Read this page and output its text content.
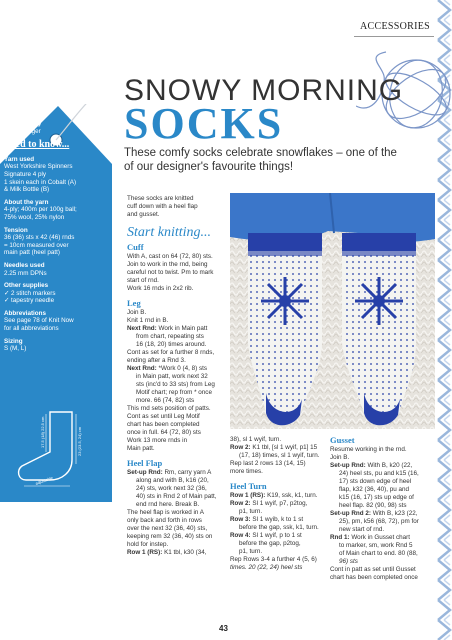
ACCESSORIES
SNOWY MORNING
SOCKS
These comfy socks celebrate snowflakes – one of the of our designer's favourite things!
Designed by
Mone Dräger
Need to know...
Yarn used
West Yorkshire Spinners
Signature 4 ply
1 skein each in Cobalt (A)
& Milk Bottle (B)
About the yarn
4-ply; 400m per 100g ball;
75% wool, 25% nylon
Tension
36 (36) sts x 42 (46) rnds
= 10cm measured over
main patt (heel patt)
Needles used
2.25 mm DPNs
Other supplies
✓ 2 stitch markers
✓ tapestry needle
Abbreviations
See page 78 of Knit Now
for all abbreviations
Sizing
S (M, L)
17.5 (18) 22.5 cm	23 (23.5, 24) cm
adjustable
These socks are knitted
cuff down with a heel flap
and gusset.
Start knitting...
Cuff
With A, cast on 64 (72, 80) sts.
Join to work in the rnd, being
careful not to twist. Pm to mark
start of rnd.
Work 16 rnds in 2x2 rib.
Leg
Join B.
Knit 1 rnd in B.
Next Rnd: Work in Main patt
from chart, repeating sts
16 (18, 20) times around.
Cont as set for a further 8 rnds,
ending after a Rnd 3.
Next Rnd: *Work 0 (4, 8) sts
in Main patt, work next 32
sts (inc'd to 33 sts) from Leg
Motif chart; rep from * once
more. 66 (74, 82) sts
This rnd sets position of patts.
Cont as set until Leg Motif
chart has been completed
once in full. 64 (72, 80) sts
Work 13 more rnds in
Main patt.
Heel Flap
Set-up Rnd: Rm, carry yarn A
along and with B, k16 (20,
24) sts, work next 32 (36,
40) sts in Rnd 2 of Main patt,
end rnd here. Break B.
The heel flap is worked in A
only back and forth in rows
over the next 32 (36, 40) sts,
keeping rem 32 (36, 40) sts on
hold for instep.
Row 1 (RS): K1 tbl, k30 (34,
38), sl 1 wyif, turn.
Row 2: K1 tbl, [sl 1 wyif, p1] 15
(17, 18) times, sl 1 wyif, turn.
Rep last 2 rows 13 (14, 15)
more times.
Heel Turn
Row 1 (RS): K19, ssk, k1, turn.
Row 2: Sl 1 wyif, p7, p2tog,
p1, turn.
Row 3: Sl 1 wyib, k to 1 st
before the gap, ssk, k1, turn.
Row 4: Sl 1 wyif, p to 1 st
before the gap, p2tog,
p1, turn.
Rep Rows 3-4 a further 4 (5, 6)
times. 20 (22, 24) heel sts
Gusset
Resume working in the rnd.
Join B.
Set-up Rnd: With B, k20 (22,
24) heel sts, pu and k15 (16,
17) sts down edge of heel
flap, k32 (36, 40), pu and
k15 (16, 17) sts up edge of
heel flap. 82 (90, 98) sts
Set-up Rnd 2: With B, k23 (22,
25), pm, k56 (68, 72), pm for
new start of rnd.
Rnd 1: Work in Gusset chart
to marker, sm, work Rnd 5
of Main chart to end. 80 (88,
96) sts
Cont in patt as set until Gusset
chart has been completed once
43
